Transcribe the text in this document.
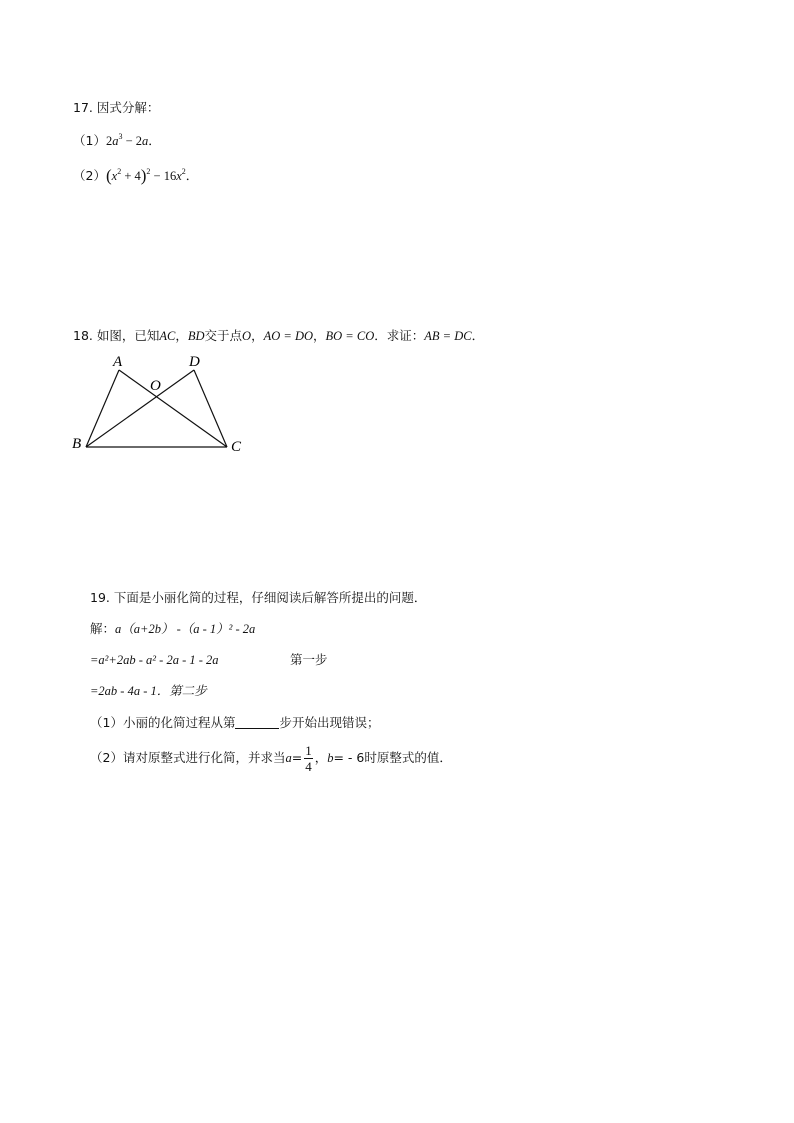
17. 因式分解：
$(1)2a^3 - 2a$．
$(2)(x^2 + 4)^2 - 16x^2$．
18. 如图，已知AC，BD交于点O，AO = DO，BO = CO．求证：AB = DC．
A	D
O
B	C
19. 下面是小丽化简的过程，仔细阅读后解答所提出的问题．
解：a（a+2b） -（a - 1）² - 2a
=a²+2ab - a² - 2a - 1 - 2a	第一步
=2ab - 4a - 1．第二步
（1）小丽的化简过程从第	步开始出现错误；
（2）请对原整式进行化简，并求当$a= \frac{1}{4}$ ，b= - 6时原整式的值．
